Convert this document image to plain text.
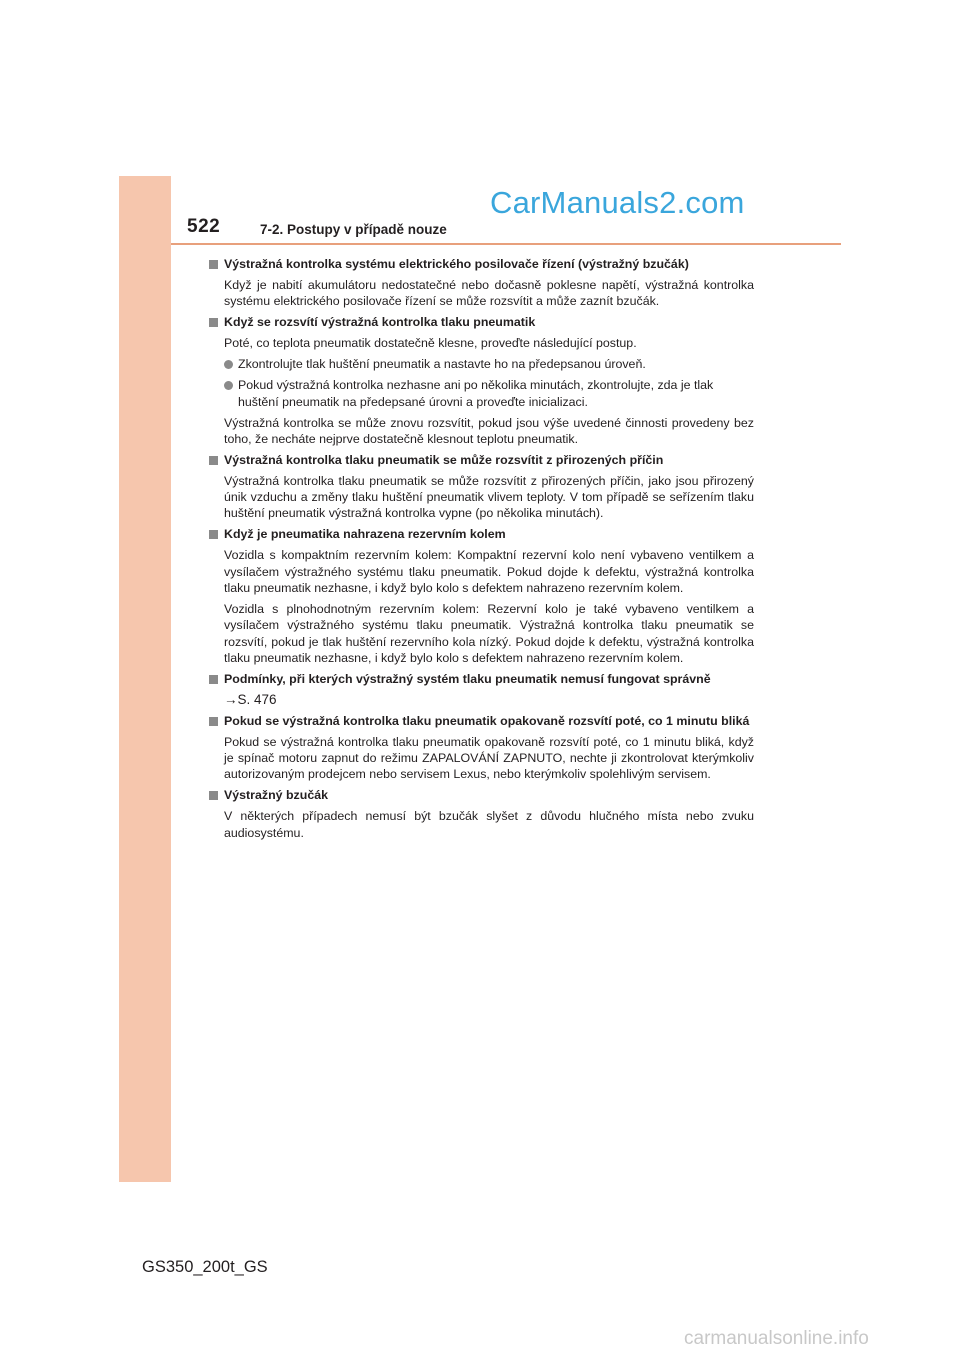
522	7-2. Postupy v případě nouze
CarManuals2.com
Výstražná kontrolka systému elektrického posilovače řízení (výstražný bzučák)
Když je nabití akumulátoru nedostatečné nebo dočasně poklesne napětí, výstražná kontrolka systému elektrického posilovače řízení se může rozsvítit a může zaznít bzučák.
Když se rozsvítí výstražná kontrolka tlaku pneumatik
Poté, co teplota pneumatik dostatečně klesne, proveďte následující postup.
Zkontrolujte tlak huštění pneumatik a nastavte ho na předepsanou úroveň.
Pokud výstražná kontrolka nezhasne ani po několika minutách, zkontrolujte, zda je tlak huštění pneumatik na předepsané úrovni a proveďte inicializaci.
Výstražná kontrolka se může znovu rozsvítit, pokud jsou výše uvedené činnosti provedeny bez toho, že necháte nejprve dostatečně klesnout teplotu pneumatik.
Výstražná kontrolka tlaku pneumatik se může rozsvítit z přirozených příčin
Výstražná kontrolka tlaku pneumatik se může rozsvítit z přirozených příčin, jako jsou přirozený únik vzduchu a změny tlaku huštění pneumatik vlivem teploty. V tom případě se seřízením tlaku huštění pneumatik výstražná kontrolka vypne (po několika minutách).
Když je pneumatika nahrazena rezervním kolem
Vozidla s kompaktním rezervním kolem: Kompaktní rezervní kolo není vybaveno ventilkem a vysílačem výstražného systému tlaku pneumatik. Pokud dojde k defektu, výstražná kontrolka tlaku pneumatik nezhasne, i když bylo kolo s defektem nahrazeno rezervním kolem.
Vozidla s plnohodnotným rezervním kolem: Rezervní kolo je také vybaveno ventilkem a vysílačem výstražného systému tlaku pneumatik. Výstražná kontrolka tlaku pneumatik se rozsvítí, pokud je tlak huštění rezervního kola nízký. Pokud dojde k defektu, výstražná kontrolka tlaku pneumatik nezhasne, i když bylo kolo s defektem nahrazeno rezervním kolem.
Podmínky, při kterých výstražný systém tlaku pneumatik nemusí fungovat správně
→S. 476
Pokud se výstražná kontrolka tlaku pneumatik opakovaně rozsvítí poté, co 1 minutu bliká
Pokud se výstražná kontrolka tlaku pneumatik opakovaně rozsvítí poté, co 1 minutu bliká, když je spínač motoru zapnut do režimu ZAPALOVÁNÍ ZAPNUTO, nechte ji zkontrolovat kterýmkoliv autorizovaným prodejcem nebo servisem Lexus, nebo kterýmkoliv spolehlivým servisem.
Výstražný bzučák
V některých případech nemusí být bzučák slyšet z důvodu hlučného místa nebo zvuku audiosystému.
GS350_200t_GS
carmanualsonline.info
